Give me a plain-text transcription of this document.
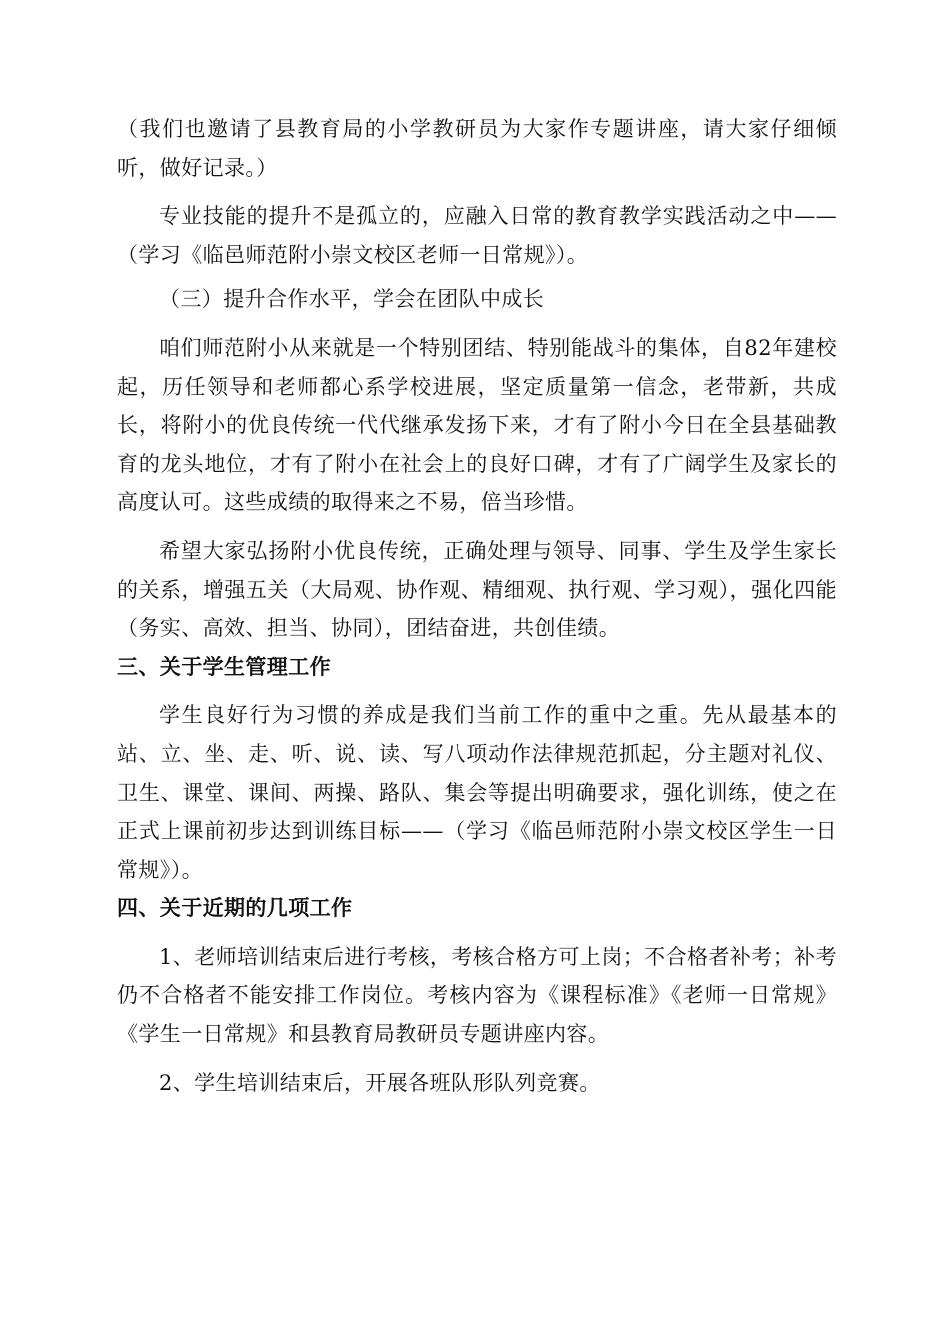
（我们也邀请了县教育局的小学教研员为大家作专题讲座，请大家仔细倾听，做好记录。）

专业技能的提升不是孤立的，应融入日常的教育教学实践活动之中——（学习《临邑师范附小崇文校区老师一日常规》）。

（三）提升合作水平，学会在团队中成长

咱们师范附小从来就是一个特别团结、特别能战斗的集体，自82年建校起，历任领导和老师都心系学校进展，坚定质量第一信念，老带新，共成长，将附小的优良传统一代代继承发扬下来，才有了附小今日在全县基础教育的龙头地位，才有了附小在社会上的良好口碑，才有了广阔学生及家长的高度认可。这些成绩的取得来之不易，倍当珍惜。

希望大家弘扬附小优良传统，正确处理与领导、同事、学生及学生家长的关系，增强五关（大局观、协作观、精细观、执行观、学习观），强化四能（务实、高效、担当、协同），团结奋进，共创佳绩。

三、关于学生管理工作

学生良好行为习惯的养成是我们当前工作的重中之重。先从最基本的站、立、坐、走、听、说、读、写八项动作法律规范抓起，分主题对礼仪、卫生、课堂、课间、两操、路队、集会等提出明确要求，强化训练，使之在正式上课前初步达到训练目标——（学习《临邑师范附小崇文校区学生一日常规》）。

四、关于近期的几项工作

1、老师培训结束后进行考核，考核合格方可上岗；不合格者补考；补考仍不合格者不能安排工作岗位。考核内容为《课程标准》《老师一日常规》《学生一日常规》和县教育局教研员专题讲座内容。

2、学生培训结束后，开展各班队形队列竞赛。
